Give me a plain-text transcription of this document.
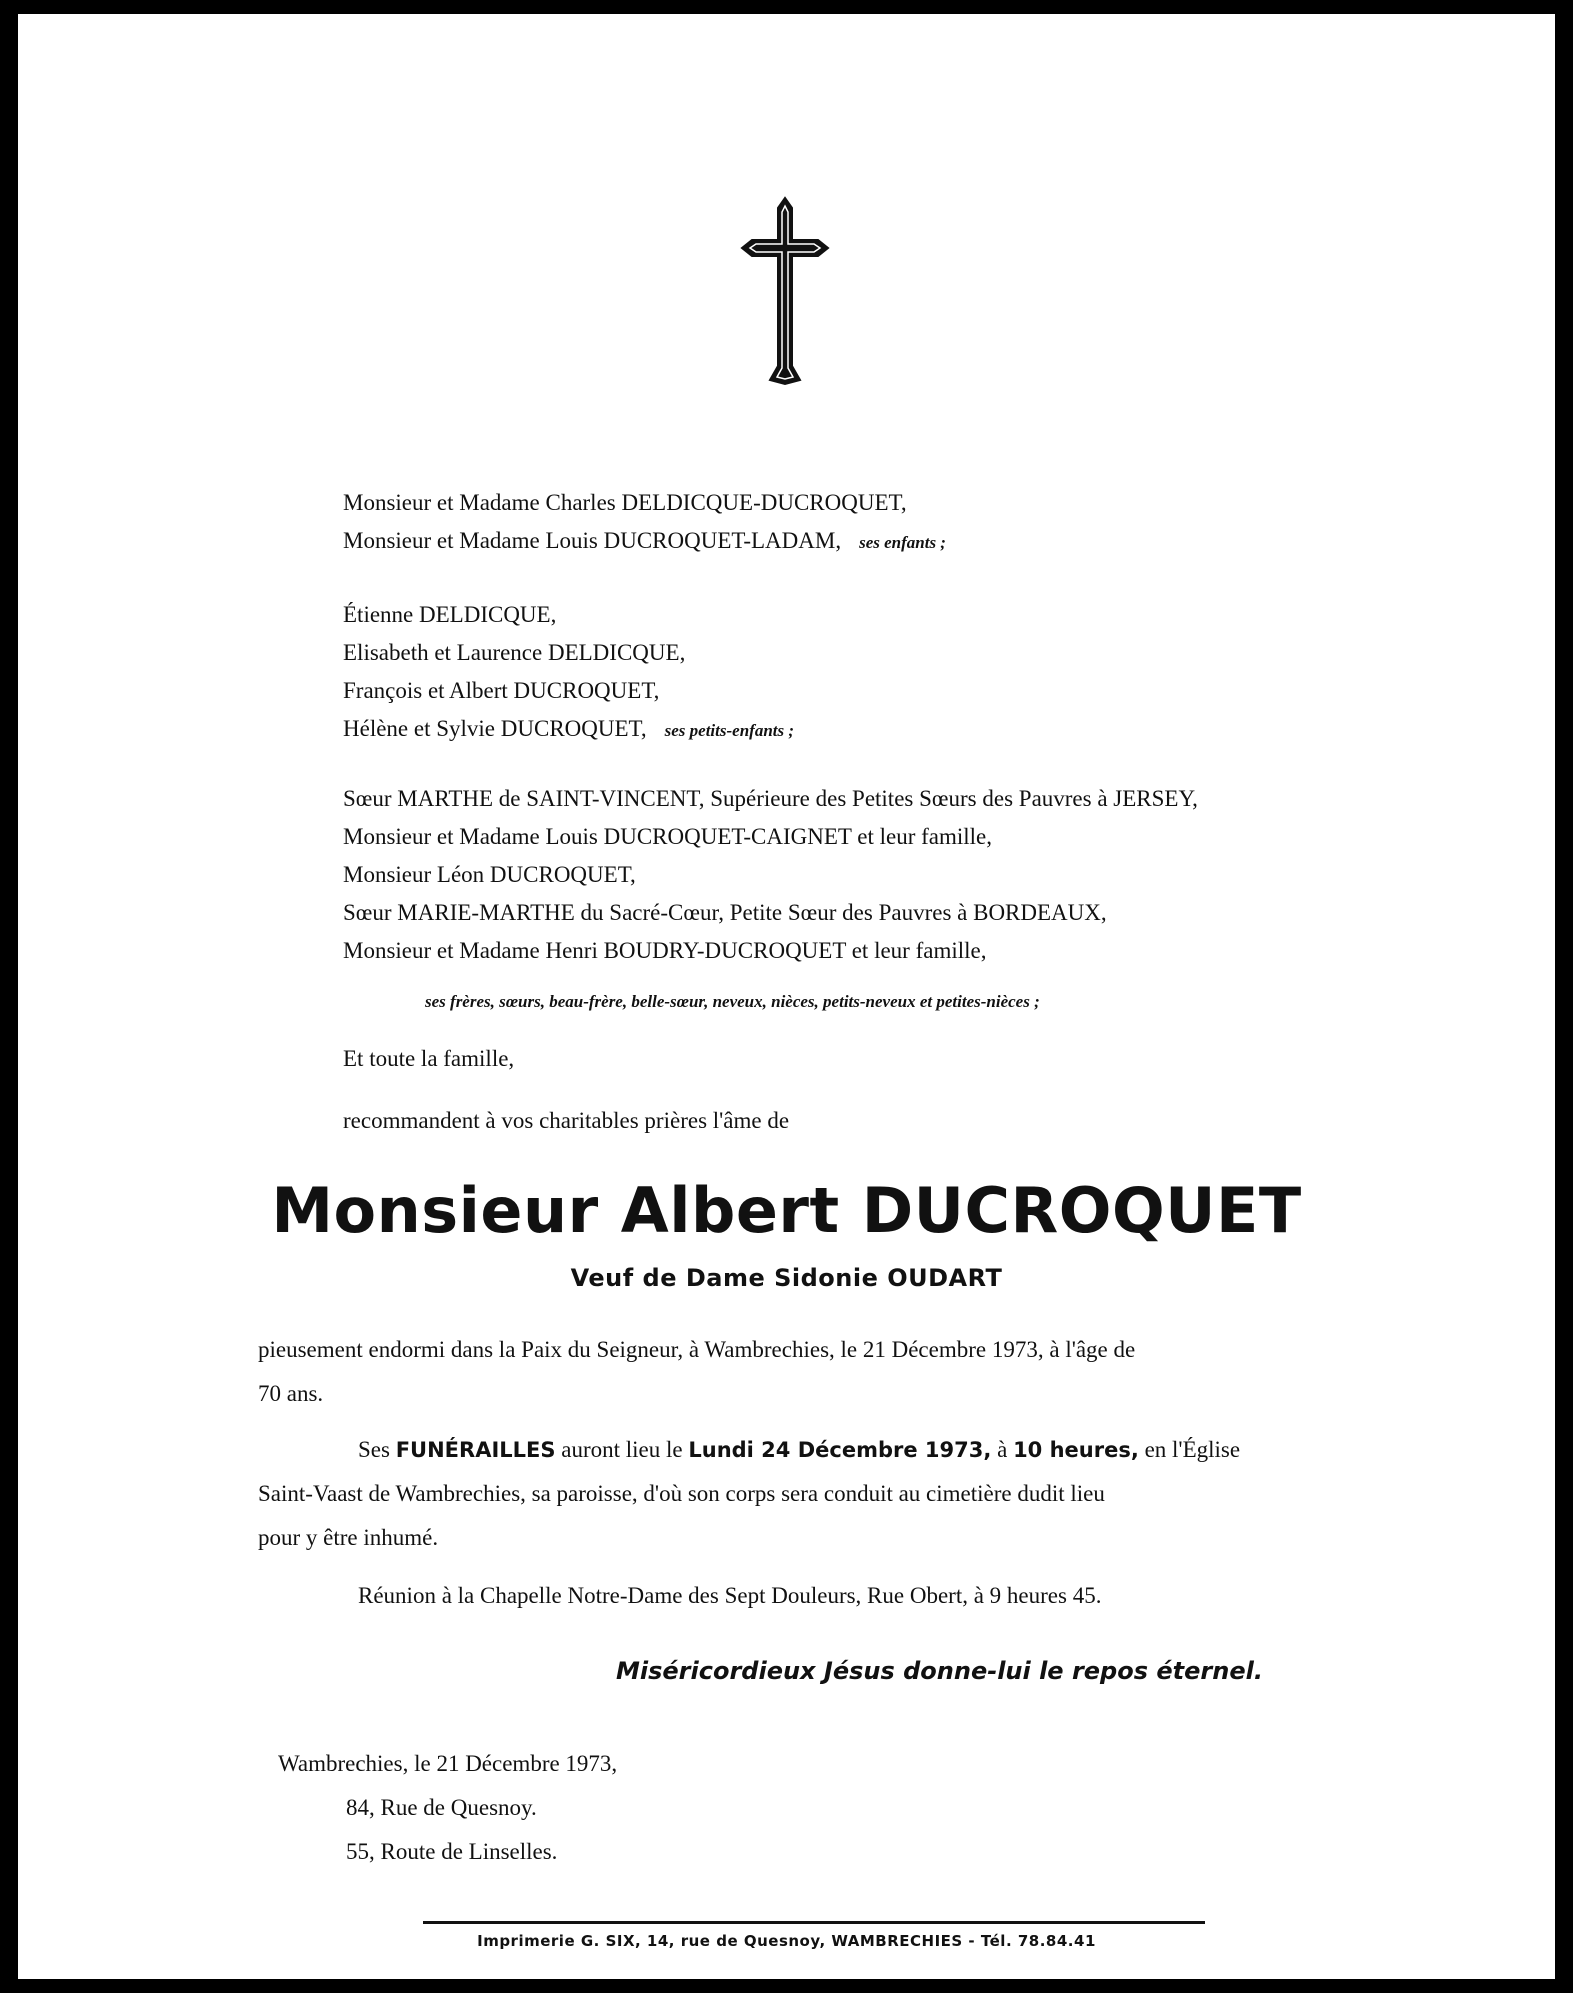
Monsieur et Madame Charles DELDICQUE-DUCROQUET,
Monsieur et Madame Louis DUCROQUET-LADAM, ses enfants ;
Étienne DELDICQUE,
Elisabeth et Laurence DELDICQUE,
François et Albert DUCROQUET,
Hélène et Sylvie DUCROQUET, ses petits-enfants ;
Sœur MARTHE de SAINT-VINCENT, Supérieure des Petites Sœurs des Pauvres à JERSEY,
Monsieur et Madame Louis DUCROQUET-CAIGNET et leur famille,
Monsieur Léon DUCROQUET,
Sœur MARIE-MARTHE du Sacré-Cœur, Petite Sœur des Pauvres à BORDEAUX,
Monsieur et Madame Henri BOUDRY-DUCROQUET et leur famille,
ses frères, sœurs, beau-frère, belle-sœur, neveux, nièces, petits-neveux et petites-nièces ;
Et toute la famille,
recommandent à vos charitables prières l'âme de
Monsieur Albert DUCROQUET
Veuf de Dame Sidonie OUDART
pieusement endormi dans la Paix du Seigneur, à Wambrechies, le 21 Décembre 1973, à l'âge de
70 ans.
Ses FUNÉRAILLES auront lieu le Lundi 24 Décembre 1973, à 10 heures, en l'Église
Saint-Vaast de Wambrechies, sa paroisse, d'où son corps sera conduit au cimetière dudit lieu
pour y être inhumé.
Réunion à la Chapelle Notre-Dame des Sept Douleurs, Rue Obert, à 9 heures 45.
Miséricordieux Jésus donne-lui le repos éternel.
Wambrechies, le 21 Décembre 1973,
84, Rue de Quesnoy.
55, Route de Linselles.
Imprimerie G. SIX, 14, rue de Quesnoy, WAMBRECHIES - Tél. 78.84.41
